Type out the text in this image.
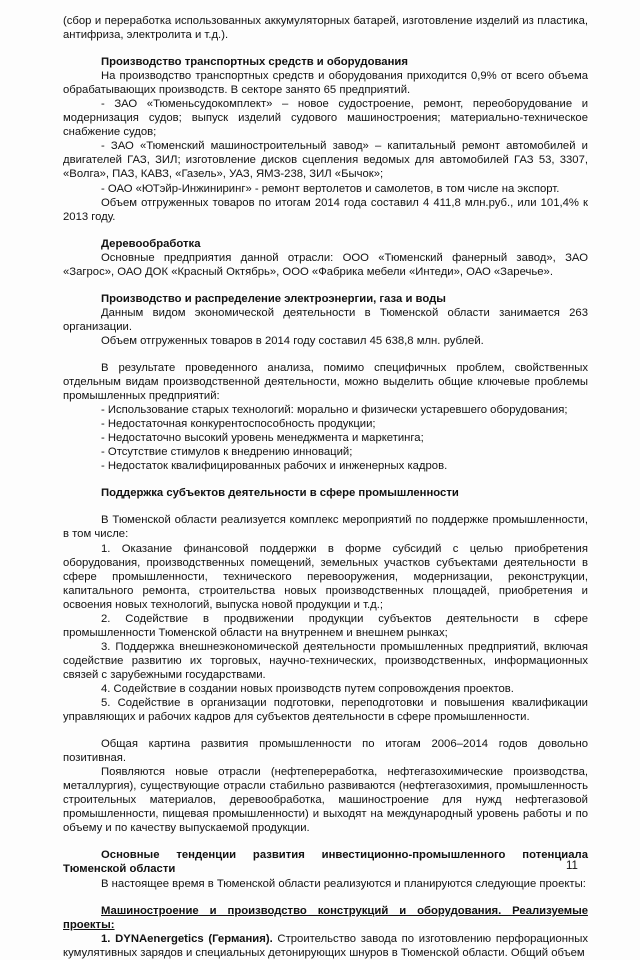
(сбор и переработка использованных аккумуляторных батарей, изготовление изделий из пластика, антифриза, электролита и т.д.).

Производство транспортных средств и оборудования

На производство транспортных средств и оборудования приходится 0,9% от всего объема обрабатывающих производств. В секторе занято 65 предприятий.

- ЗАО «Тюменьсудокомплект» – новое судостроение, ремонт, переоборудование и модернизация судов; выпуск изделий судового машиностроения; материально-техническое снабжение судов;

- ЗАО «Тюменский машиностроительный завод» – капитальный ремонт автомобилей и двигателей ГАЗ, ЗИЛ; изготовление дисков сцепления ведомых для автомобилей ГАЗ 53, 3307, «Волга», ПАЗ, КАВЗ, «Газель», УАЗ, ЯМЗ-238, ЗИЛ «Бычок»;

- ОАО «ЮТэйр-Инжиниринг» - ремонт вертолетов и самолетов, в том числе на экспорт.

Объем отгруженных товаров по итогам 2014 года составил 4 411,8 млн.руб., или 101,4% к 2013 году.

Деревообработка

Основные предприятия данной отрасли: ООО «Тюменский фанерный завод», ЗАО «Загрос», ОАО ДОК «Красный Октябрь», ООО «Фабрика мебели «Интеди», ОАО «Заречье».

Производство и распределение электроэнергии, газа и воды

Данным видом экономической деятельности в Тюменской области занимается 263 организации.

Объем отгруженных товаров в 2014 году составил 45 638,8 млн. рублей.

В результате проведенного анализа, помимо специфичных проблем, свойственных отдельным видам производственной деятельности, можно выделить общие ключевые проблемы промышленных предприятий:

- Использование старых технологий: морально и физически устаревшего оборудования;

- Недостаточная конкурентоспособность продукции;

- Недостаточно высокий уровень менеджмента и маркетинга;

- Отсутствие стимулов к внедрению инноваций;

- Недостаток квалифицированных рабочих и инженерных кадров.

Поддержка субъектов деятельности в сфере промышленности

В Тюменской области реализуется комплекс мероприятий по поддержке промышленности, в том числе:

1. Оказание финансовой поддержки в форме субсидий с целью приобретения оборудования, производственных помещений, земельных участков субъектами деятельности в сфере промышленности, технического перевооружения, модернизации, реконструкции, капитального ремонта, строительства новых производственных площадей, приобретения и освоения новых технологий, выпуска новой продукции и т.д.;

2. Содействие в продвижении продукции субъектов деятельности в сфере промышленности Тюменской области на внутреннем и внешнем рынках;

3. Поддержка внешнеэкономической деятельности промышленных предприятий, включая содействие развитию их торговых, научно-технических, производственных, информационных связей с зарубежными государствами.

4. Содействие в создании новых производств путем сопровождения проектов.

5. Содействие в организации подготовки, переподготовки и повышения квалификации управляющих и рабочих кадров для субъектов деятельности в сфере промышленности.

Общая картина развития промышленности по итогам 2006–2014 годов довольно позитивная.

Появляются новые отрасли (нефтепереработка, нефтегазохимические производства, металлургия), существующие отрасли стабильно развиваются (нефтегазохимия, промышленность строительных материалов, деревообработка, машиностроение для нужд нефтегазовой промышленности, пищевая промышленности) и выходят на международный уровень работы и по объему и по качеству выпускаемой продукции.

Основные тенденции развития инвестиционно-промышленного потенциала Тюменской области

В настоящее время в Тюменской области реализуются и планируются следующие проекты:

Машиностроение и производство конструкций и оборудования. Реализуемые проекты:

1. DYNAenergetics (Германия). Строительство завода по изготовлению перфорационных кумулятивных зарядов и специальных детонирующих шнуров в Тюменской области. Общий объем

11
